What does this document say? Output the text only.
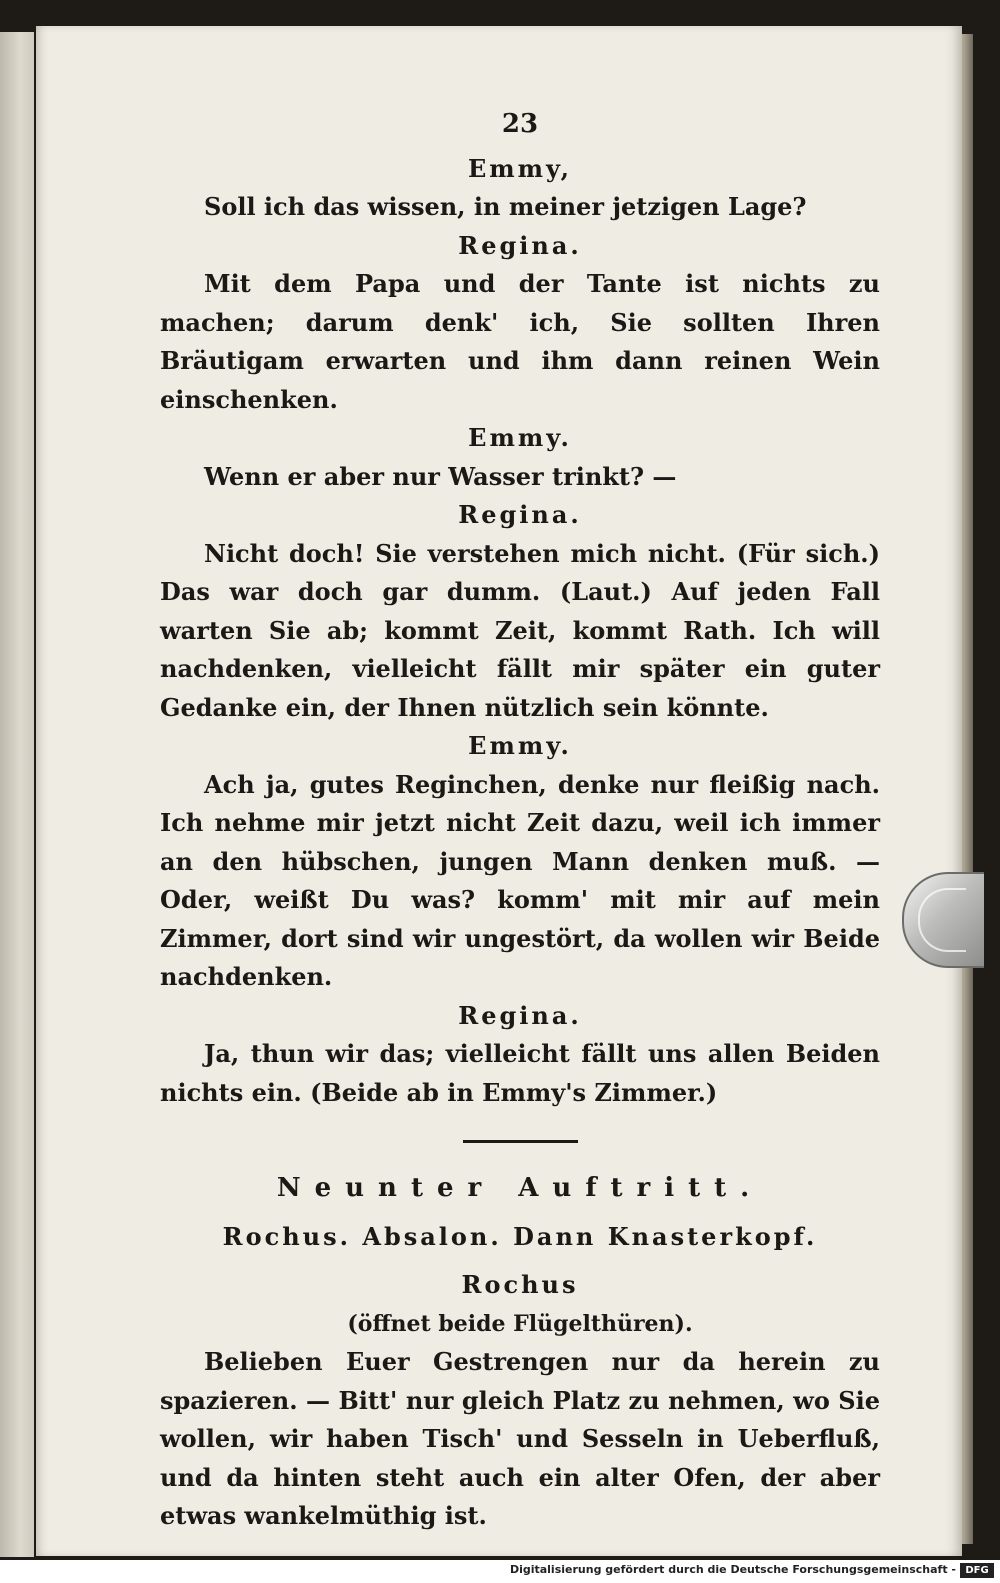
23
Emmy,
Soll ich das wissen, in meiner jetzigen Lage?
Regina.
Mit dem Papa und der Tante ist nichts zu machen; darum denk' ich, Sie sollten Ihren Bräutigam erwarten und ihm dann reinen Wein einschenken.
Emmy.
Wenn er aber nur Wasser trinkt? —
Regina.
Nicht doch! Sie verstehen mich nicht. (Für sich.) Das war doch gar dumm. (Laut.) Auf jeden Fall warten Sie ab; kommt Zeit, kommt Rath. Ich will nachdenken, vielleicht fällt mir später ein guter Gedanke ein, der Ihnen nützlich sein könnte.
Emmy.
Ach ja, gutes Reginchen, denke nur fleißig nach. Ich nehme mir jetzt nicht Zeit dazu, weil ich immer an den hübschen, jungen Mann denken muß. — Oder, weißt Du was? komm' mit mir auf mein Zimmer, dort sind wir ungestört, da wollen wir Beide nachdenken.
Regina.
Ja, thun wir das; vielleicht fällt uns allen Beiden nichts ein. (Beide ab in Emmy's Zimmer.)
Neunter Auftritt.
Rochus. Absalon. Dann Knasterkopf.
Rochus
(öffnet beide Flügelthüren).
Belieben Euer Gestrengen nur da herein zu spazieren. — Bitt' nur gleich Platz zu nehmen, wo Sie wollen, wir haben Tisch' und Sesseln in Ueberfluß, und da hinten steht auch ein alter Ofen, der aber etwas wankelmüthig ist.
Digitalisierung gefördert durch die Deutsche Forschungsgemeinschaft - DFG
